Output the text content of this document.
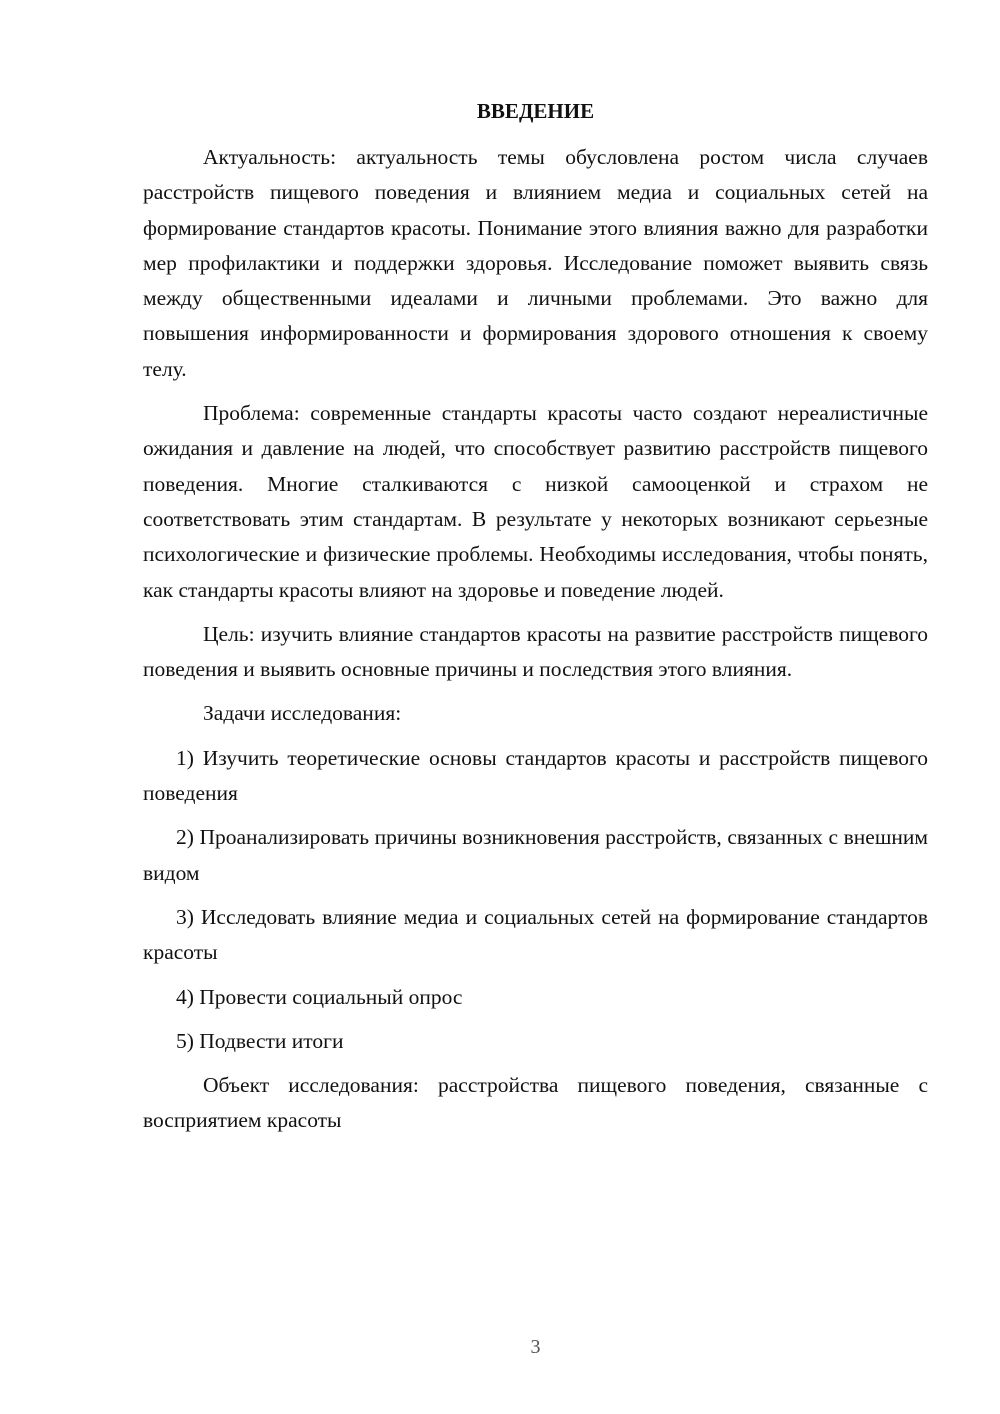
ВВЕДЕНИЕ

Актуальность: актуальность темы обусловлена ростом числа случаев расстройств пищевого поведения и влиянием медиа и социальных сетей на формирование стандартов красоты. Понимание этого влияния важно для разработки мер профилактики и поддержки здоровья. Исследование поможет выявить связь между общественными идеалами и личными проблемами. Это важно для повышения информированности и формирования здорового отношения к своему телу.

Проблема: современные стандарты красоты часто создают нереалистичные ожидания и давление на людей, что способствует развитию расстройств пищевого поведения. Многие сталкиваются с низкой самооценкой и страхом не соответствовать этим стандартам. В результате у некоторых возникают серьезные психологические и физические проблемы. Необходимы исследования, чтобы понять, как стандарты красоты влияют на здоровье и поведение людей.

Цель: изучить влияние стандартов красоты на развитие расстройств пищевого поведения и выявить основные причины и последствия этого влияния.

Задачи исследования:

1) Изучить теоретические основы стандартов красоты и расстройств пищевого поведения

2) Проанализировать причины возникновения расстройств, связанных с внешним видом

3) Исследовать влияние медиа и социальных сетей на формирование стандартов красоты

4) Провести социальный опрос

5) Подвести итоги

Объект исследования: расстройства пищевого поведения, связанные с восприятием красоты

3
